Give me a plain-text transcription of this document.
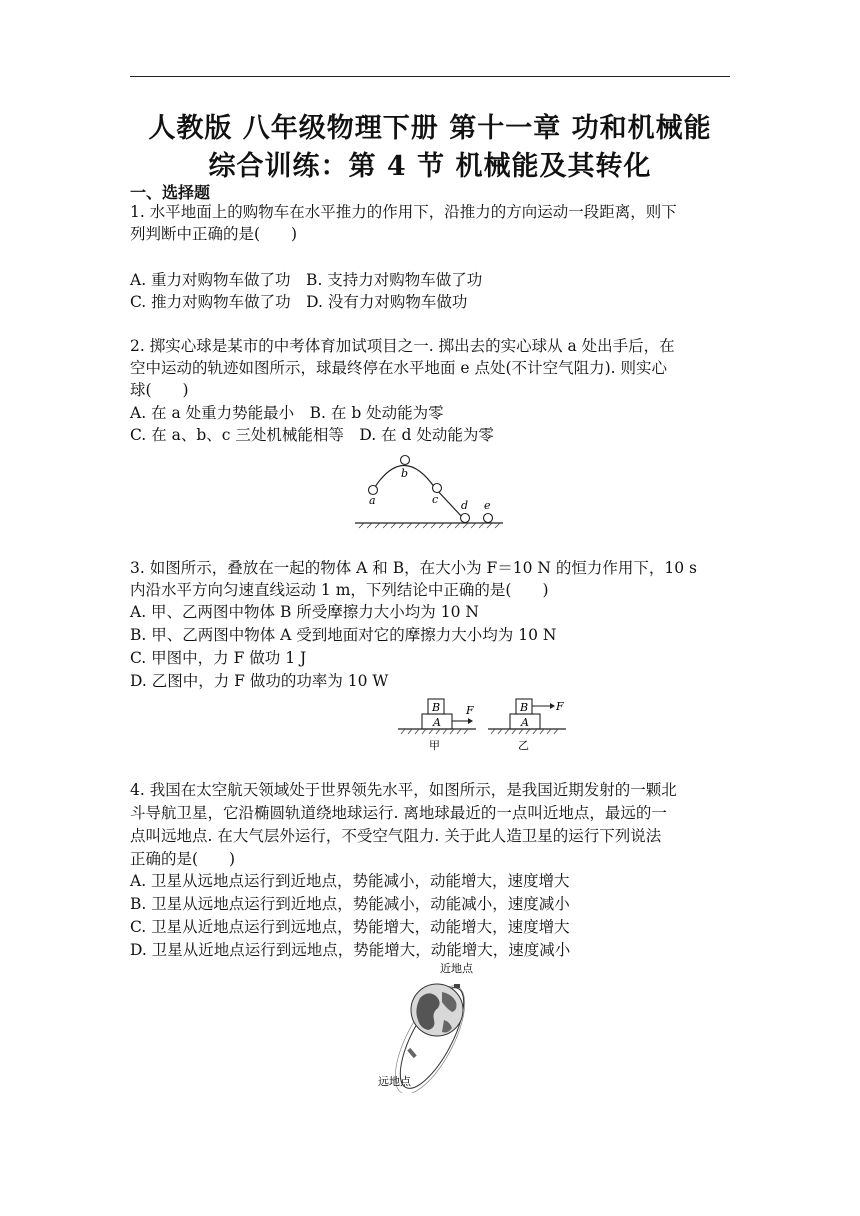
人教版 八年级物理下册 第十一章 功和机械能
综合训练：第 4 节 机械能及其转化
一、选择题
1. 水平地面上的购物车在水平推力的作用下，沿推力的方向运动一段距离，则下
列判断中正确的是(　　)
A. 重力对购物车做了功　B. 支持力对购物车做了功
C. 推力对购物车做了功　D. 没有力对购物车做功
2. 掷实心球是某市的中考体育加试项目之一. 掷出去的实心球从 a 处出手后，在
空中运动的轨迹如图所示，球最终停在水平地面 e 点处(不计空气阻力). 则实心
球(　　)
A. 在 a 处重力势能最小　B. 在 b 处动能为零
C. 在 a、b、c 三处机械能相等　D. 在 d 处动能为零
a
b
c d e
3. 如图所示，叠放在一起的物体 A 和 B，在大小为 F＝10 N 的恒力作用下，10 s
内沿水平方向匀速直线运动 1 m，下列结论中正确的是(　　)
A. 甲、乙两图中物体 B 所受摩擦力大小均为 10 N
B. 甲、乙两图中物体 A 受到地面对它的摩擦力大小均为 10 N
C. 甲图中，力 F 做功 1 J
D. 乙图中，力 F 做功的功率为 10 W
B
A
F
甲
B
A
F
乙
4. 我国在太空航天领域处于世界领先水平，如图所示，是我国近期发射的一颗北
斗导航卫星，它沿椭圆轨道绕地球运行. 离地球最近的一点叫近地点，最远的一
点叫远地点. 在大气层外运行，不受空气阻力. 关于此人造卫星的运行下列说法
正确的是(　　)
A. 卫星从远地点运行到近地点，势能减小，动能增大，速度增大
B. 卫星从远地点运行到近地点，势能减小，动能减小，速度减小
C. 卫星从近地点运行到远地点，势能增大，动能增大，速度增大
D. 卫星从近地点运行到远地点，势能增大，动能增大，速度减小
近地点
远地点
